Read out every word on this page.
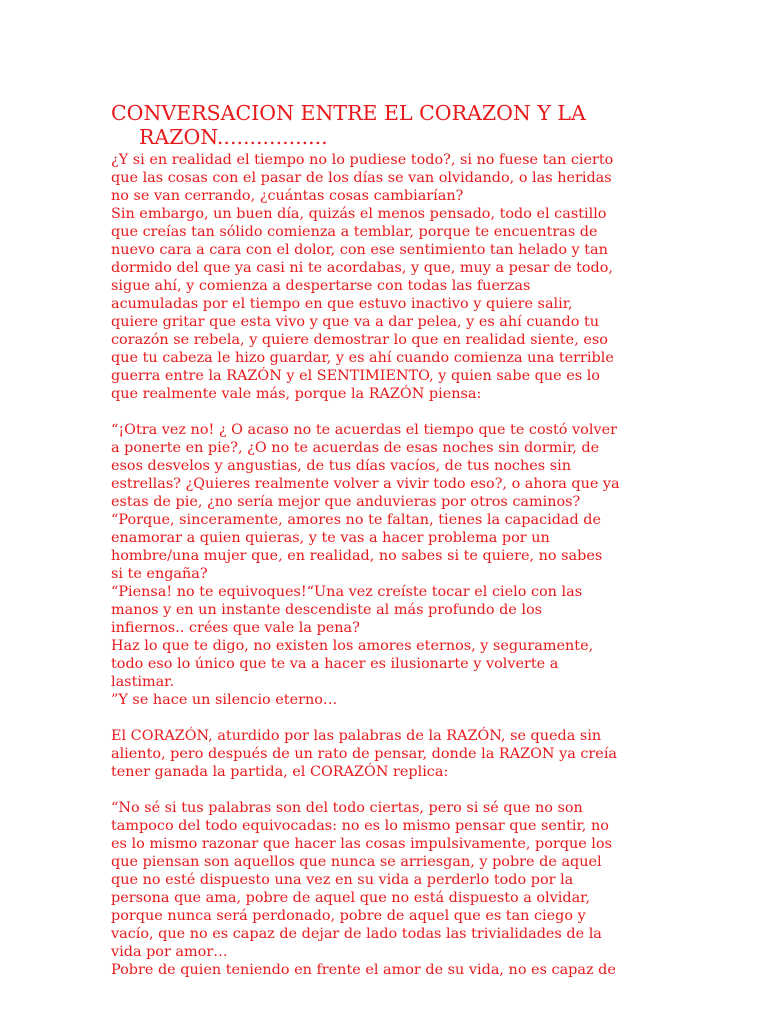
CONVERSACION ENTRE EL CORAZON Y LA
RAZON.................
¿Y si en realidad el tiempo no lo pudiese todo?, si no fuese tan cierto
que las cosas con el pasar de los días se van olvidando, o las heridas
no se van cerrando, ¿cuántas cosas cambiarían?
Sin embargo, un buen día, quizás el menos pensado, todo el castillo
que creías tan sólido comienza a temblar, porque te encuentras de
nuevo cara a cara con el dolor, con ese sentimiento tan helado y tan
dormido del que ya casi ni te acordabas, y que, muy a pesar de todo,
sigue ahí, y comienza a despertarse con todas las fuerzas
acumuladas por el tiempo en que estuvo inactivo y quiere salir,
quiere gritar que esta vivo y que va a dar pelea, y es ahí cuando tu
corazón se rebela, y quiere demostrar lo que en realidad siente, eso
que tu cabeza le hizo guardar, y es ahí cuando comienza una terrible
guerra entre la RAZÓN y el SENTIMIENTO, y quien sabe que es lo
que realmente vale más, porque la RAZÓN piensa:
“¡Otra vez no! ¿ O acaso no te acuerdas el tiempo que te costó volver
a ponerte en pie?, ¿O no te acuerdas de esas noches sin dormir, de
esos desvelos y angustias, de tus días vacíos, de tus noches sin
estrellas? ¿Quieres realmente volver a vivir todo eso?, o ahora que ya
estas de pie, ¿no sería mejor que anduvieras por otros caminos?
“Porque, sinceramente, amores no te faltan, tienes la capacidad de
enamorar a quien quieras, y te vas a hacer problema por un
hombre/una mujer que, en realidad, no sabes si te quiere, no sabes
si te engaña?
“Piensa! no te equivoques!“Una vez creíste tocar el cielo con las
manos y en un instante descendiste al más profundo de los
infiernos.. crées que vale la pena?
Haz lo que te digo, no existen los amores eternos, y seguramente,
todo eso lo único que te va a hacer es ilusionarte y volverte a
lastimar.
”Y se hace un silencio eterno…
El CORAZÓN, aturdido por las palabras de la RAZÓN, se queda sin
aliento, pero después de un rato de pensar, donde la RAZON ya creía
tener ganada la partida, el CORAZÓN replica:
“No sé si tus palabras son del todo ciertas, pero si sé que no son
tampoco del todo equivocadas: no es lo mismo pensar que sentir, no
es lo mismo razonar que hacer las cosas impulsivamente, porque los
que piensan son aquellos que nunca se arriesgan, y pobre de aquel
que no esté dispuesto una vez en su vida a perderlo todo por la
persona que ama, pobre de aquel que no está dispuesto a olvidar,
porque nunca será perdonado, pobre de aquel que es tan ciego y
vacío, que no es capaz de dejar de lado todas las trivialidades de la
vida por amor…
Pobre de quien teniendo en frente el amor de su vida, no es capaz de
